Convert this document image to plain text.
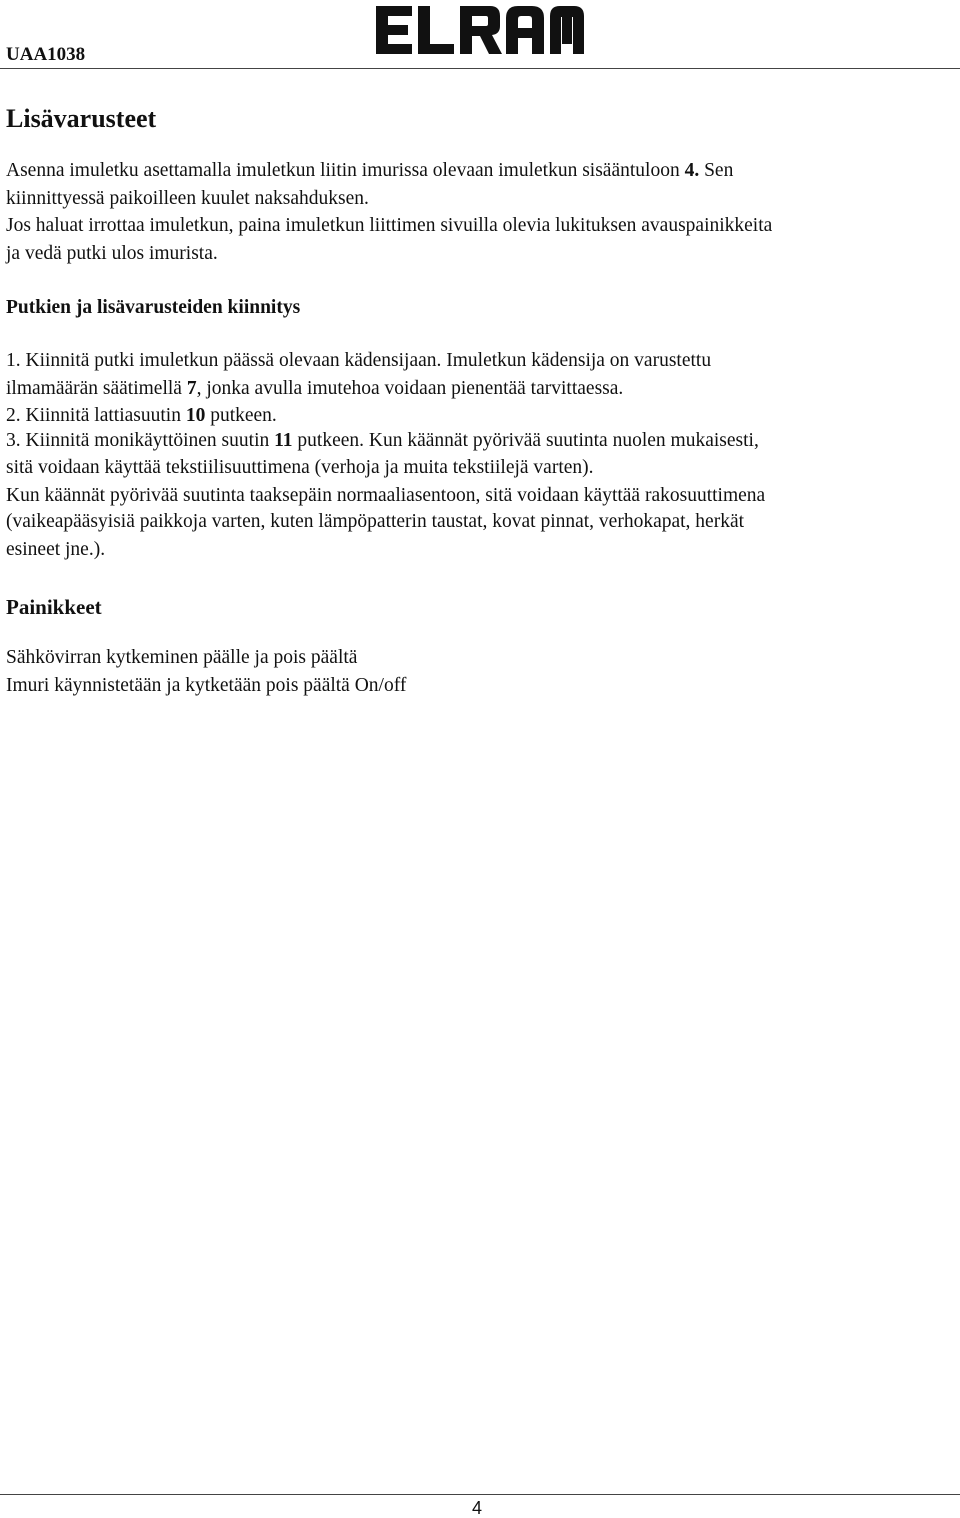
UAA1038
Lisävarusteet
Asenna imuletku asettamalla imuletkun liitin imurissa olevaan imuletkun sisääntuloon 4. Sen
kiinnittyessä paikoilleen kuulet naksahduksen.
Jos haluat irrottaa imuletkun, paina imuletkun liittimen sivuilla olevia lukituksen avauspainikkeita
ja vedä putki ulos imurista.
Putkien ja lisävarusteiden kiinnitys
1. Kiinnitä putki imuletkun päässä olevaan kädensijaan. Imuletkun kädensija on varustettu
ilmamäärän säätimellä 7, jonka avulla imutehoa voidaan pienentää tarvittaessa.
2. Kiinnitä lattiasuutin 10 putkeen.
3. Kiinnitä monikäyttöinen suutin 11 putkeen. Kun käännät pyörivää suutinta nuolen mukaisesti,
sitä voidaan käyttää tekstiilisuuttimena (verhoja ja muita tekstiilejä varten).
Kun käännät pyörivää suutinta taaksepäin normaaliasentoon, sitä voidaan käyttää rakosuuttimena
(vaikeapääsyisiä paikkoja varten, kuten lämpöpatterin taustat, kovat pinnat, verhokapat, herkät
esineet jne.).
Painikkeet
Sähkövirran kytkeminen päälle ja pois päältä
Imuri käynnistetään ja kytketään pois päältä On/off
4
